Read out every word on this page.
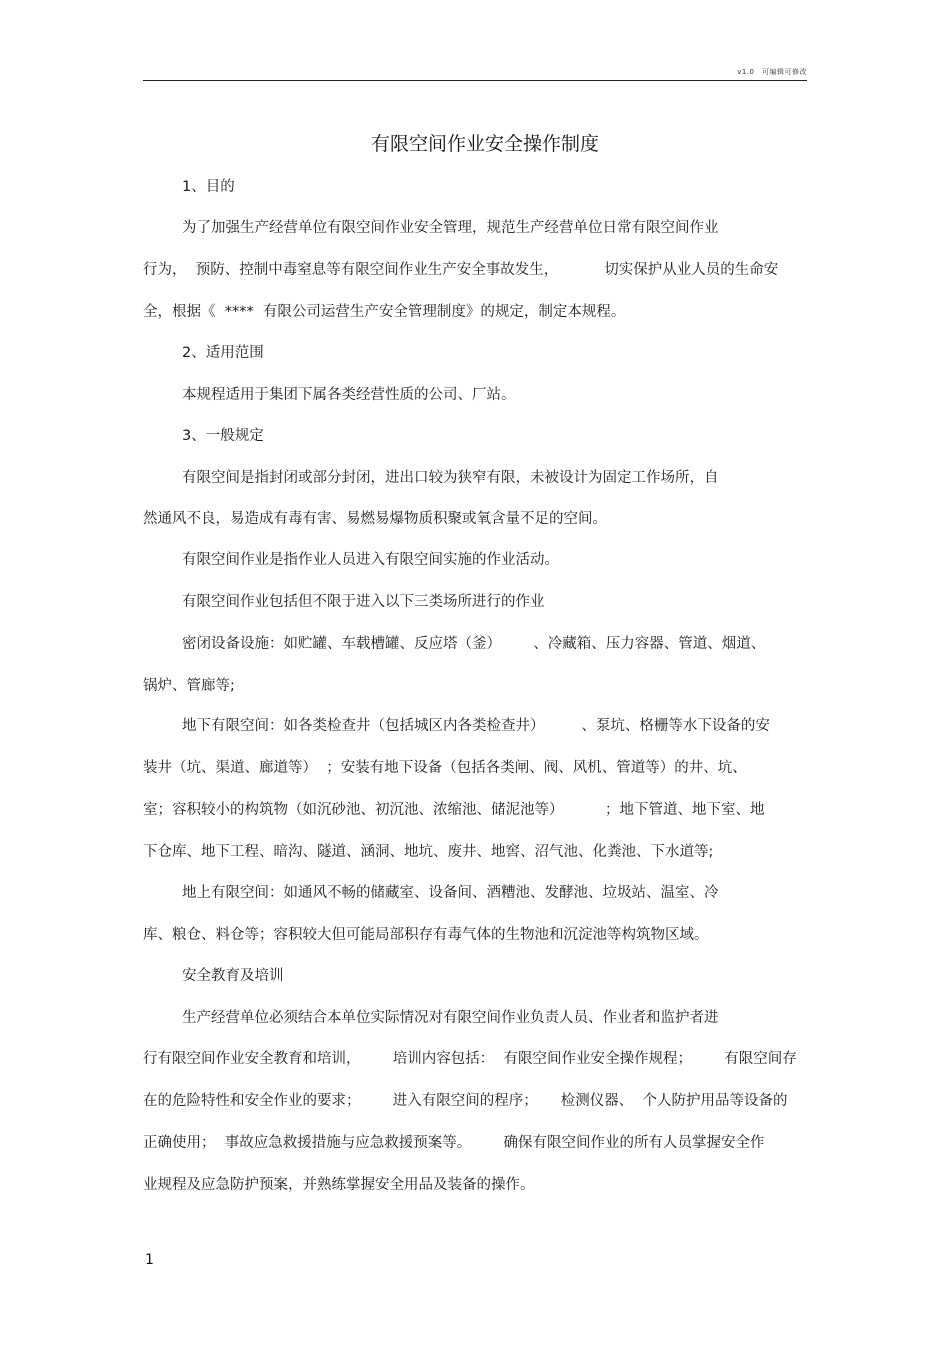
v1.0　可编辑可修改
有限空间作业安全操作制度
1、目的
为了加强生产经营单位有限空间作业安全管理，规范生产经营单位日常有限空间作业
行为，  预防、控制中毒窒息等有限空间作业生产安全事故发生，          切实保护从业人员的生命安
全，根据《  ****  有限公司运营生产安全管理制度》的规定，制定本规程。
2、适用范围
本规程适用于集团下属各类经营性质的公司、厂站。
3、一般规定
有限空间是指封闭或部分封闭，进出口较为狭窄有限，未被设计为固定工作场所，自
然通风不良，易造成有毒有害、易燃易爆物质积聚或氧含量不足的空间。
有限空间作业是指作业人员进入有限空间实施的作业活动。
有限空间作业包括但不限于进入以下三类场所进行的作业
密闭设备设施：如贮罐、车载槽罐、反应塔（釜）       、冷藏箱、压力容器、管道、烟道、
锅炉、管廊等;
地下有限空间：如各类检查井（包括城区内各类检查井）        、泵坑、格栅等水下设备的安
装井（坑、渠道、廊道等）  ；安装有地下设备（包括各类闸、阀、风机、管道等）的井、坑、
室；容积较小的构筑物（如沉砂池、初沉池、浓缩池、储泥池等）         ；地下管道、地下室、地
下仓库、地下工程、暗沟、隧道、涵洞、地坑、废井、地窖、沼气池、化粪池、下水道等;
地上有限空间：如通风不畅的储藏室、设备间、酒糟池、发酵池、垃圾站、温室、冷
库、粮仓、料仓等；容积较大但可能局部积存有毒气体的生物池和沉淀池等构筑物区域。
安全教育及培训
生产经营单位必须结合本单位实际情况对有限空间作业负责人员、作业者和监护者进
行有限空间作业安全教育和培训，       培训内容包括：  有限空间作业安全操作规程；       有限空间存
在的危险特性和安全作业的要求；       进入有限空间的程序；     检测仪器、  个人防护用品等设备的
正确使用；  事故应急救援措施与应急救援预案等。       确保有限空间作业的所有人员掌握安全作
业规程及应急防护预案，并熟练掌握安全用品及装备的操作。
1
